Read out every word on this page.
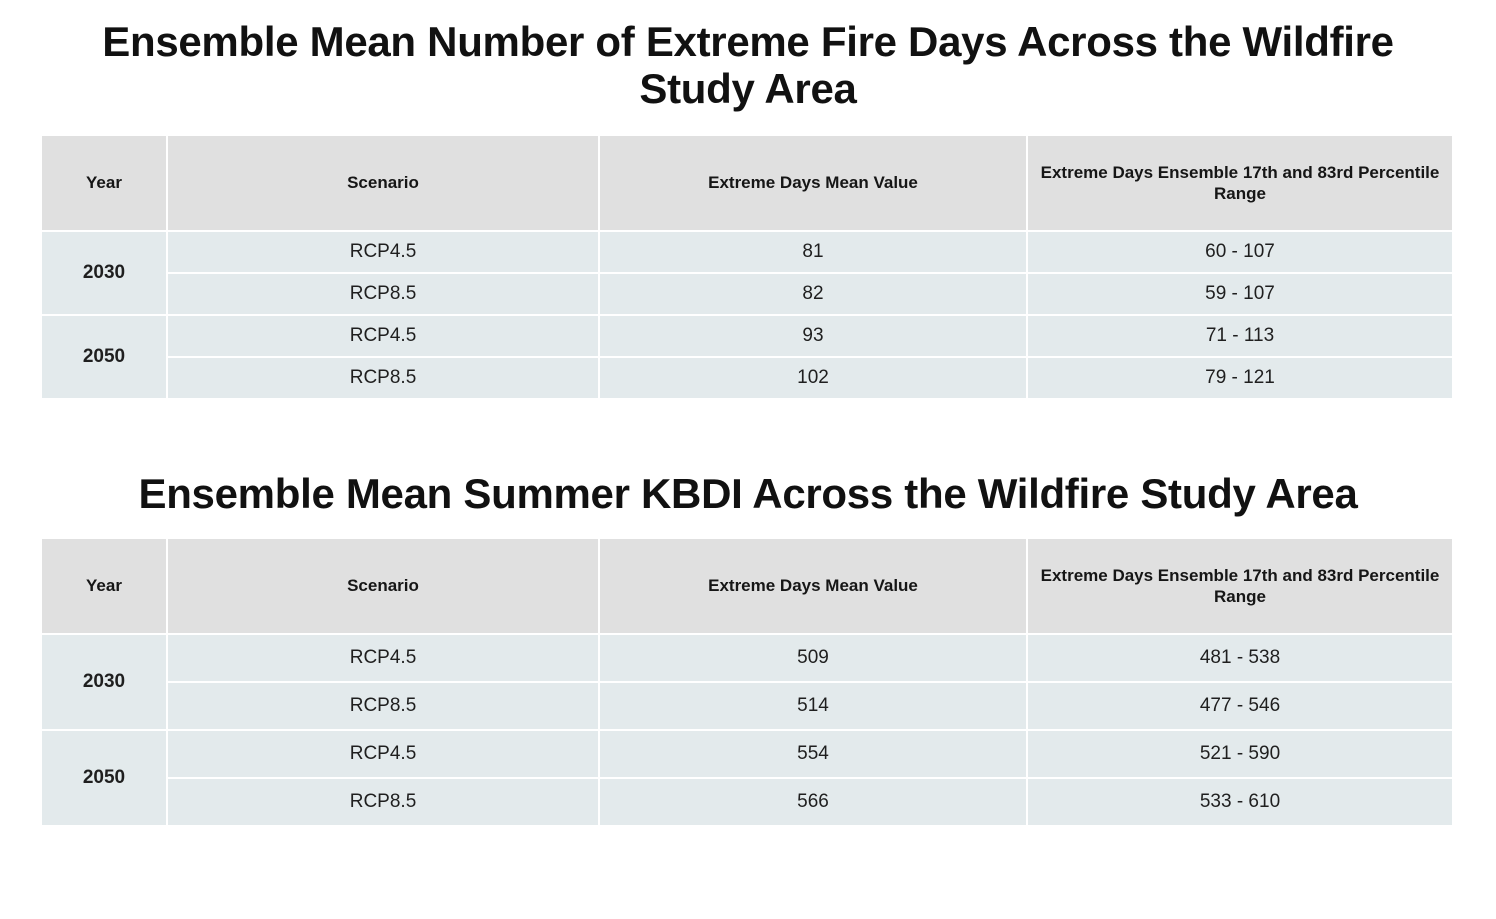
Ensemble Mean Number of Extreme Fire Days Across the Wildfire Study Area
Year	Scenario	Extreme Days Mean Value	Extreme Days Ensemble 17th and 83rd Percentile Range
2030	RCP4.5	81	60 - 107
	RCP8.5	82	59 - 107
2050	RCP4.5	93	71 - 113
	RCP8.5	102	79 - 121
Ensemble Mean Summer KBDI Across the Wildfire Study Area
Year	Scenario	Extreme Days Mean Value	Extreme Days Ensemble 17th and 83rd Percentile Range
2030	RCP4.5	509	481 - 538
	RCP8.5	514	477 - 546
2050	RCP4.5	554	521 - 590
	RCP8.5	566	533 - 610
